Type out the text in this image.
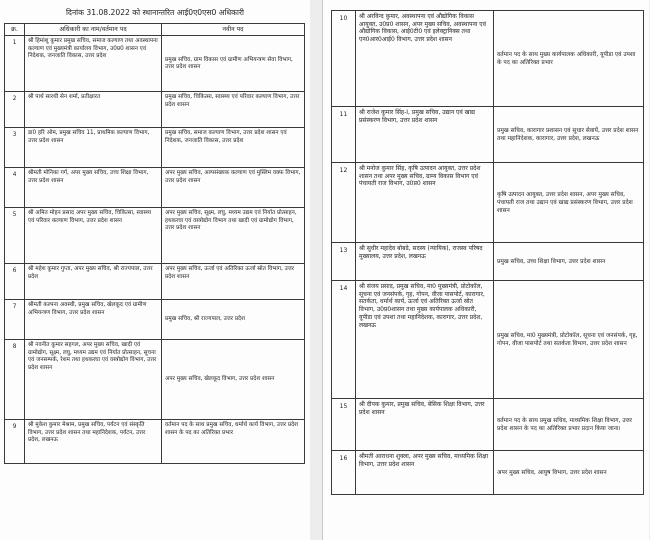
दिनांक 31.08.2022 को स्थानान्तरित आई0ए0एस0 अधिकारी
क्र.	अधिकारी का नाम/वर्तमान पद	नवीन पद
1	श्री हिमांशु कुमार प्रमुख सचिव, समाज कल्याण तथा अवस्थापना कल्याण एवं मुख्यमंत्री कार्यालय विभाग, उ0प्र0 शासन एवं निदेशक, जनजाति विकास, उत्तर प्रदेश	प्रमुख सचिव, ग्राम विकास एवं ग्रामीण अभियन्त्रण सेवा विभाग, उत्तर प्रदेश शासन
2	श्री पार्थ सारथी सेन शर्मा, प्रतीक्षारत	प्रमुख सचिव, चिकित्सा, स्वास्थ्य एवं परिवार कल्याण विभाग, उत्तर प्रदेश शासन
3	डा0 हरि ओम, प्रमुख सचिव 11, प्राथमिक कल्याण विभाग, उत्तर प्रदेश शासन	प्रमुख सचिव, समाज कल्याण विभाग, उत्तर प्रदेश शासन एवं निदेशक, जनजाति विकास, उत्तर प्रदेश
4	श्रीमती मोनिका गर्ग, अपर मुख्य सचिव, उच्च शिक्षा विभाग, उत्तर प्रदेश शासन	अपर मुख्य सचिव, अल्पसंख्यक कल्याण एवं मुस्लिम वक्फ विभाग, उत्तर प्रदेश शासन
5	श्री अमित मोहन प्रसाद अपर मुख्य सचिव, चिकित्सा, स्वास्थ्य एवं परिवार कल्याण विभाग, उत्तर प्रदेश शासन	अपर मुख्य सचिव, सूक्ष्म, लघु, मध्यम उद्यम एवं निर्यात प्रोत्साहन, हथकरघा एवं वस्त्रोद्योग विभाग तथा खादी एवं ग्रामोद्योग विभाग, उत्तर प्रदेश शासन
6	श्री महेश कुमार गुप्ता, अपर मुख्य सचिव, श्री राज्यपाल, उत्तर प्रदेश	अपर मुख्य सचिव, ऊर्जा एवं अतिरिक्त ऊर्जा स्रोत विभाग, उत्तर प्रदेश शासन
7	श्रीमती कल्पना अवस्थी, प्रमुख सचिव, खेलकूद एवं ग्रामीण अभियन्त्रण विभाग, उत्तर प्रदेश शासन	प्रमुख सचिव, श्री राज्यपाल, उत्तर प्रदेश
8	श्री नवनीत कुमार सहगल, अपर मुख्य सचिव, खादी एवं ग्रामोद्योग, सूक्ष्म, लघु, मध्यम उद्यम एवं निर्यात प्रोत्साहन, सूचना एवं जनसम्पर्क, रेशम तथा हथकरघा एवं वस्त्रोद्योग विभाग, उत्तर प्रदेश शासन	अपर मुख्य सचिव, खेलकूद विभाग, उत्तर प्रदेश शासन
9	श्री मुकेश कुमार मेश्राम, प्रमुख सचिव, पर्यटन एवं संस्कृति विभाग, उत्तर प्रदेश शासन तथा महानिदेशक, पर्यटन, उत्तर प्रदेश, लखनऊ	वर्तमान पद के साथ प्रमुख सचिव, धर्मार्थ कार्य विभाग, उत्तर प्रदेश शासन के पद का अतिरिक्त प्रभार
10	श्री अरविन्द कुमार, अवस्थापना एवं औद्योगिक विकास आयुक्त, उ0प्र0 शासन, अपर मुख्य सचिव, अवस्थापना एवं औद्योगिक विकास, आई0टी0 एवं इलेक्ट्रानिक्स तथा एन0आर0आई0 विभाग, उत्तर प्रदेश शासन	वर्तमान पद के साथ मुख्य कार्यपालक अधिकारी, यूपीडा एवं उपशा के पद का अतिरिक्त प्रभार
11	श्री राजेश कुमार सिंह-I, प्रमुख सचिव, उद्यान एवं खाद्य प्रसंस्करण विभाग, उत्तर प्रदेश शासन	प्रमुख सचिव, कारागार प्रशासन एवं सुधार सेवायें, उत्तर प्रदेश शासन तथा महानिदेशक, कारागार, उत्तर प्रदेश, लखनऊ
12	श्री मनोज कुमार सिंह, कृषि उत्पादन आयुक्त, उत्तर प्रदेश शासन तथा अपर मुख्य सचिव, ग्राम्य विकास विभाग एवं पंचायती राज विभाग, उ0प्र0 शासन	कृषि उत्पादन आयुक्त, उत्तर प्रदेश शासन, अपर मुख्य सचिव, पंचायती राज तथा उद्यान एवं खाद्य प्रसंस्करण विभाग, उत्तर प्रदेश शासन
13	श्री सुधीर महादेव बोबडे, सदस्य (न्यायिक), राजस्व परिषद मुख्यालय, उत्तर प्रदेश, लखनऊ	प्रमुख सचिव, उच्च शिक्षा विभाग, उत्तर प्रदेश शासन
14	श्री संजय प्रसाद, प्रमुख सचिव, मा0 मुख्यमंत्री, प्रोटोकॉल, सूचना एवं जनसंपर्क, गृह, गोपन, वीजा पासपोर्ट, कारागार, सतर्कता, धर्मार्थ कार्य, ऊर्जा एवं अतिरिक्त ऊर्जा स्रोत विभाग, उ0प्र0शासन तथा मुख्य कार्यपालक अधिकारी, यूपीडा एवं उपशा तथा महानिदेशक, कारागार, उत्तर प्रदेश, लखनऊ	प्रमुख सचिव, मा0 मुख्यमंत्री, प्रोटोकॉल, सूचना एवं जनसंपर्क, गृह, गोपन, वीजा पासपोर्ट तथा सतर्कता विभाग, उत्तर प्रदेश शासन
15	श्री दीपक कुमार, प्रमुख सचिव, बेसिक शिक्षा विभाग, उत्तर प्रदेश शासन	वर्तमान पद के साथ प्रमुख सचिव, माध्यमिक शिक्षा विभाग, उत्तर प्रदेश शासन के पद का अतिरिक्त प्रभार प्रदान किया जाना।
16	श्रीमती आराधना शुक्ला, अपर मुख्य सचिव, माध्यमिक शिक्षा विभाग, उत्तर प्रदेश शासन	अपर मुख्य सचिव, आयुष विभाग, उत्तर प्रदेश शासन
